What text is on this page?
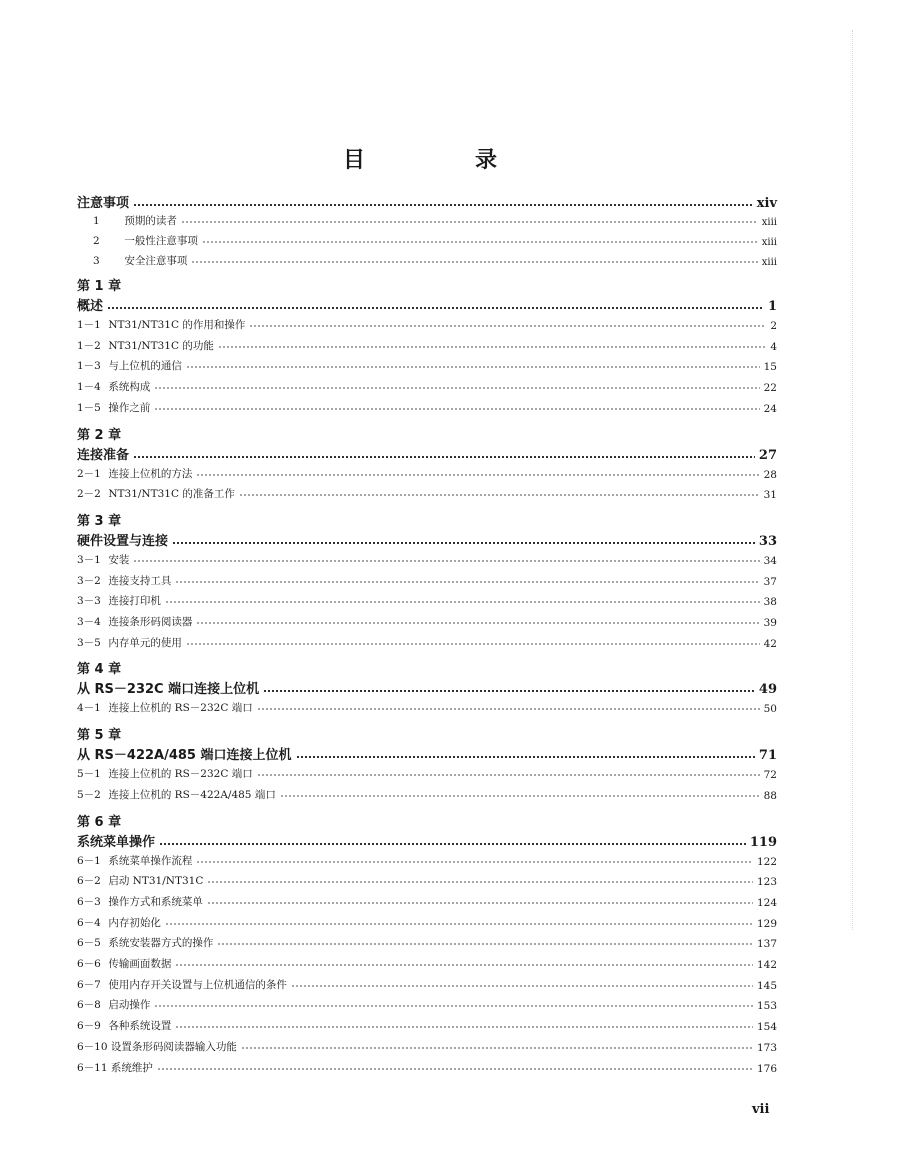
目　录
注意事项	xiv
1 预期的读者	xiii
2 一般性注意事项	xiii
3 安全注意事项	xiii
第 1 章
概述	1
1－1 NT31/NT31C 的作用和操作	2
1－2 NT31/NT31C 的功能	4
1－3 与上位机的通信	15
1－4 系统构成	22
1－5 操作之前	24
第 2 章
连接准备	27
2－1 连接上位机的方法	28
2－2 NT31/NT31C 的准备工作	31
第 3 章
硬件设置与连接	33
3－1 安装	34
3－2 连接支持工具	37
3－3 连接打印机	38
3－4 连接条形码阅读器	39
3－5 内存单元的使用	42
第 4 章
从 RS－232C 端口连接上位机	49
4－1 连接上位机的 RS－232C 端口	50
第 5 章
从 RS－422A/485 端口连接上位机	71
5－1 连接上位机的 RS－232C 端口	72
5－2 连接上位机的 RS－422A/485 端口	88
第 6 章
系统菜单操作	119
6－1 系统菜单操作流程	122
6－2 启动 NT31/NT31C	123
6－3 操作方式和系统菜单	124
6－4 内存初始化	129
6－5 系统安装器方式的操作	137
6－6 传输画面数据	142
6－7 使用内存开关设置与上位机通信的条件	145
6－8 启动操作	153
6－9 各种系统设置	154
6－10 设置条形码阅读器输入功能	173
6－11 系统维护	176
vii
